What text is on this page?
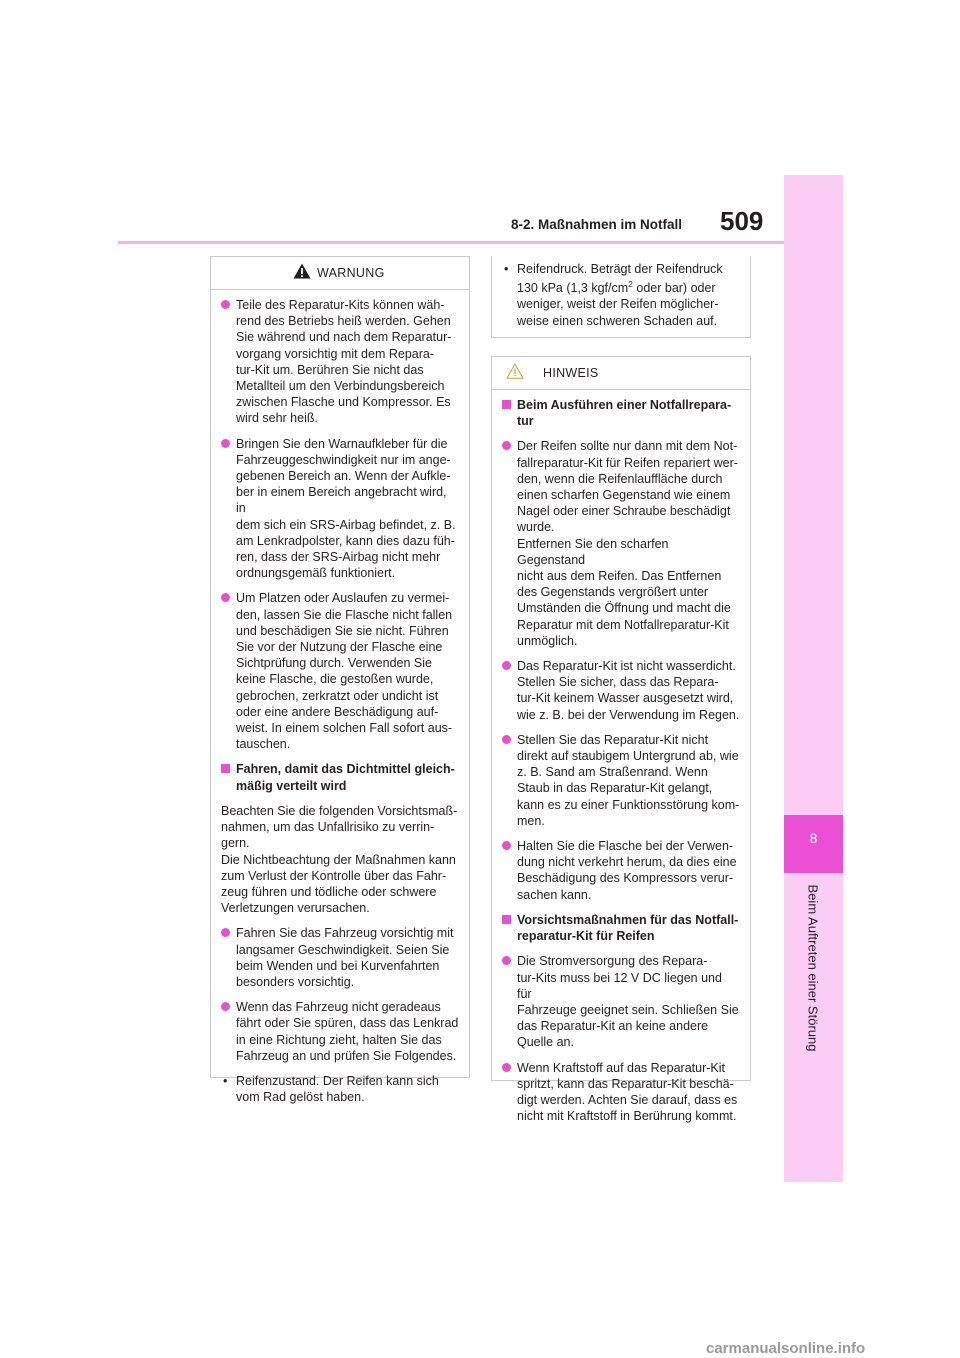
8-2. Maßnahmen im Notfall 509
8
Beim Auftreten einer Störung
WARNUNG
Teile des Reparatur-Kits können wäh-
rend des Betriebs heiß werden. Gehen
Sie während und nach dem Reparatur-
vorgang vorsichtig mit dem Repara-
tur-Kit um. Berühren Sie nicht das
Metallteil um den Verbindungsbereich
zwischen Flasche und Kompressor. Es
wird sehr heiß.
Bringen Sie den Warnaufkleber für die
Fahrzeuggeschwindigkeit nur im ange-
gebenen Bereich an. Wenn der Aufkle-
ber in einem Bereich angebracht wird, in
dem sich ein SRS-Airbag befindet, z. B.
am Lenkradpolster, kann dies dazu füh-
ren, dass der SRS-Airbag nicht mehr
ordnungsgemäß funktioniert.
Um Platzen oder Auslaufen zu vermei-
den, lassen Sie die Flasche nicht fallen
und beschädigen Sie sie nicht. Führen
Sie vor der Nutzung der Flasche eine
Sichtprüfung durch. Verwenden Sie
keine Flasche, die gestoßen wurde,
gebrochen, zerkratzt oder undicht ist
oder eine andere Beschädigung auf-
weist. In einem solchen Fall sofort aus-
tauschen.
Fahren, damit das Dichtmittel gleich-
mäßig verteilt wird
Beachten Sie die folgenden Vorsichtsmaß-
nahmen, um das Unfallrisiko zu verrin-
gern.
Die Nichtbeachtung der Maßnahmen kann
zum Verlust der Kontrolle über das Fahr-
zeug führen und tödliche oder schwere
Verletzungen verursachen.
Fahren Sie das Fahrzeug vorsichtig mit
langsamer Geschwindigkeit. Seien Sie
beim Wenden und bei Kurvenfahrten
besonders vorsichtig.
Wenn das Fahrzeug nicht geradeaus
fährt oder Sie spüren, dass das Lenkrad
in eine Richtung zieht, halten Sie das
Fahrzeug an und prüfen Sie Folgendes.
• Reifenzustand. Der Reifen kann sich
vom Rad gelöst haben.
• Reifendruck. Beträgt der Reifendruck
130 kPa (1,3 kgf/$cm^2$ oder bar) oder
weniger, weist der Reifen möglicher-
weise einen schweren Schaden auf.
HINWEIS
Beim Ausführen einer Notfallrepara-
tur
Der Reifen sollte nur dann mit dem Not-
fallreparatur-Kit für Reifen repariert wer-
den, wenn die Reifenlauffläche durch
einen scharfen Gegenstand wie einem
Nagel oder einer Schraube beschädigt
wurde.
Entfernen Sie den scharfen Gegenstand
nicht aus dem Reifen. Das Entfernen
des Gegenstands vergrößert unter
Umständen die Öffnung und macht die
Reparatur mit dem Notfallreparatur-Kit
unmöglich.
Das Reparatur-Kit ist nicht wasserdicht.
Stellen Sie sicher, dass das Repara-
tur-Kit keinem Wasser ausgesetzt wird,
wie z. B. bei der Verwendung im Regen.
Stellen Sie das Reparatur-Kit nicht
direkt auf staubigem Untergrund ab, wie
z. B. Sand am Straßenrand. Wenn
Staub in das Reparatur-Kit gelangt,
kann es zu einer Funktionsstörung kom-
men.
Halten Sie die Flasche bei der Verwen-
dung nicht verkehrt herum, da dies eine
Beschädigung des Kompressors verur-
sachen kann.
Vorsichtsmaßnahmen für das Notfall-
reparatur-Kit für Reifen
Die Stromversorgung des Repara-
tur-Kits muss bei 12 V DC liegen und für
Fahrzeuge geeignet sein. Schließen Sie
das Reparatur-Kit an keine andere
Quelle an.
Wenn Kraftstoff auf das Reparatur-Kit
spritzt, kann das Reparatur-Kit beschä-
digt werden. Achten Sie darauf, dass es
nicht mit Kraftstoff in Berührung kommt.
carmanualsonline.info
